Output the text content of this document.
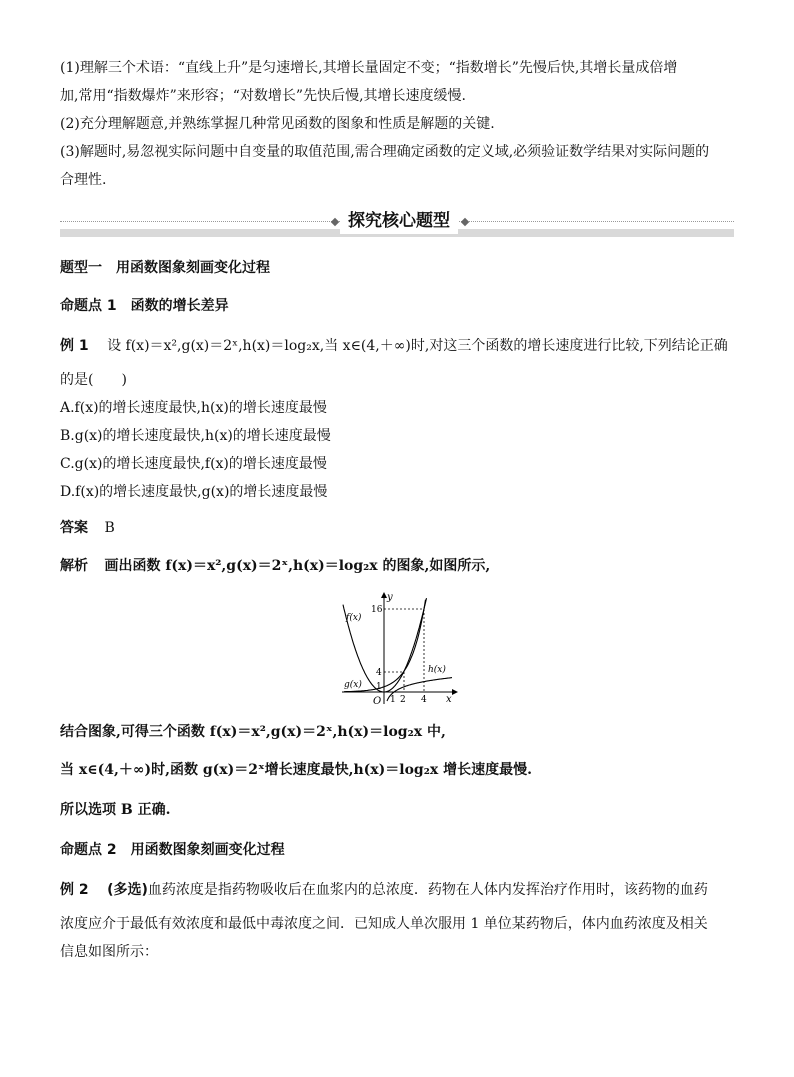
(1)理解三个术语：“直线上升”是匀速增长,其增长量固定不变；“指数增长”先慢后快,其增长量成倍增
加,常用“指数爆炸”来形容；“对数增长”先快后慢,其增长速度缓慢.
(2)充分理解题意,并熟练掌握几种常见函数的图象和性质是解题的关键.
(3)解题时,易忽视实际问题中自变量的取值范围,需合理确定函数的定义域,必须验证数学结果对实际问题的
合理性.
探究核心题型
题型一　用函数图象刻画变化过程
命题点 1　函数的增长差异
例 1 设 f(x)＝x²,g(x)＝2ˣ,h(x)＝log₂x,当 x∈(4,＋∞)时,对这三个函数的增长速度进行比较,下列结论正确
的是(　　)
A.f(x)的增长速度最快,h(x)的增长速度最慢
B.g(x)的增长速度最快,h(x)的增长速度最慢
C.g(x)的增长速度最快,f(x)的增长速度最慢
D.f(x)的增长速度最快,g(x)的增长速度最慢
答案 B
解析 画出函数 f(x)＝x²,g(x)＝2ˣ,h(x)＝log₂x 的图象,如图所示,
y
x
O
16
4
1
1 2 4
f(x)
g(x)
h(x)
结合图象,可得三个函数 f(x)＝x²,g(x)＝2ˣ,h(x)＝log₂x 中,
当 x∈(4,＋∞)时,函数 g(x)＝2ˣ增长速度最快,h(x)＝log₂x 增长速度最慢.
所以选项 B 正确.
命题点 2　用函数图象刻画变化过程
例 2 (多选)血药浓度是指药物吸收后在血浆内的总浓度．药物在人体内发挥治疗作用时，该药物的血药
浓度应介于最低有效浓度和最低中毒浓度之间．已知成人单次服用 1 单位某药物后，体内血药浓度及相关
信息如图所示：
